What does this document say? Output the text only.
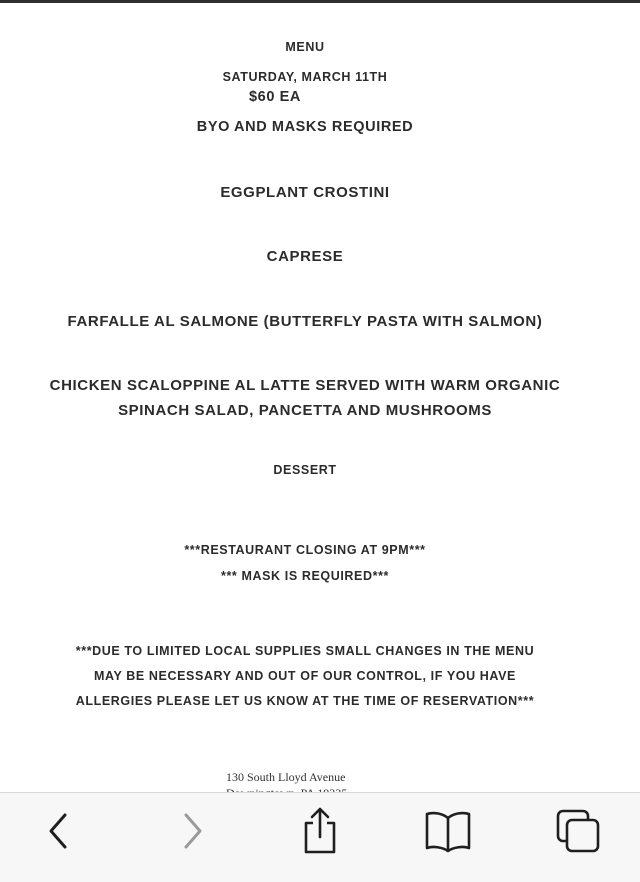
MENU
SATURDAY, MARCH 11TH
$60 EA
BYO AND MASKS REQUIRED
EGGPLANT CROSTINI
CAPRESE
FARFALLE AL SALMONE (BUTTERFLY PASTA WITH SALMON)
CHICKEN SCALOPPINE AL LATTE SERVED WITH WARM ORGANIC
SPINACH SALAD, PANCETTA AND MUSHROOMS
DESSERT
***RESTAURANT CLOSING AT 9PM***
*** MASK IS REQUIRED***
***DUE TO LIMITED LOCAL SUPPLIES SMALL CHANGES IN THE MENU
MAY BE NECESSARY AND OUT OF OUR CONTROL, IF YOU HAVE
ALLERGIES PLEASE LET US KNOW AT THE TIME OF RESERVATION***
130 South Lloyd Avenue
